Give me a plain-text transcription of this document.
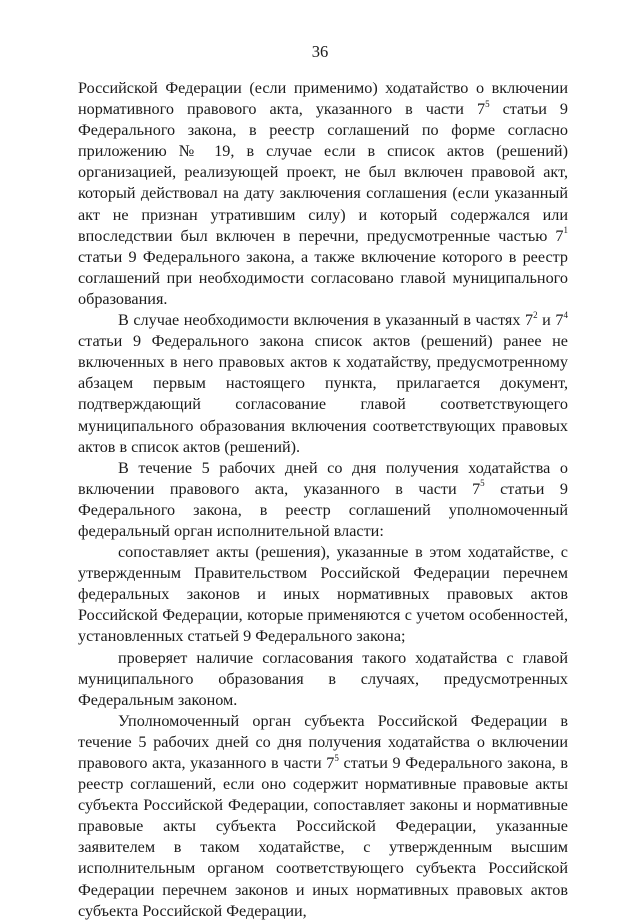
36

Российской Федерации (если применимо) ходатайство о включении нормативного правового акта, указанного в части $7^5$ статьи 9 Федерального закона, в реестр соглашений по форме согласно приложению № 19, в случае если в список актов (решений) организацией, реализующей проект, не был включен правовой акт, который действовал на дату заключения соглашения (если указанный акт не признан утратившим силу) и который содержался или впоследствии был включен в перечни, предусмотренные частью $7^1$ статьи 9 Федерального закона, а также включение которого в реестр соглашений при необходимости согласовано главой муниципального образования.

В случае необходимости включения в указанный в частях $7^2$ и $7^4$ статьи 9 Федерального закона список актов (решений) ранее не включенных в него правовых актов к ходатайству, предусмотренному абзацем первым настоящего пункта, прилагается документ, подтверждающий согласование главой соответствующего муниципального образования включения соответствующих правовых актов в список актов (решений).

В течение 5 рабочих дней со дня получения ходатайства о включении правового акта, указанного в части $7^5$ статьи 9 Федерального закона, в реестр соглашений уполномоченный федеральный орган исполнительной власти:

сопоставляет акты (решения), указанные в этом ходатайстве, с утвержденным Правительством Российской Федерации перечнем федеральных законов и иных нормативных правовых актов Российской Федерации, которые применяются с учетом особенностей, установленных статьей 9 Федерального закона;

проверяет наличие согласования такого ходатайства с главой муниципального образования в случаях, предусмотренных Федеральным законом.

Уполномоченный орган субъекта Российской Федерации в течение 5 рабочих дней со дня получения ходатайства о включении правового акта, указанного в части $7^5$ статьи 9 Федерального закона, в реестр соглашений, если оно содержит нормативные правовые акты субъекта Российской Федерации, сопоставляет законы и нормативные правовые акты субъекта Российской Федерации, указанные заявителем в таком ходатайстве, с утвержденным высшим исполнительным органом соответствующего субъекта Российской Федерации перечнем законов и иных нормативных правовых актов субъекта Российской Федерации,
